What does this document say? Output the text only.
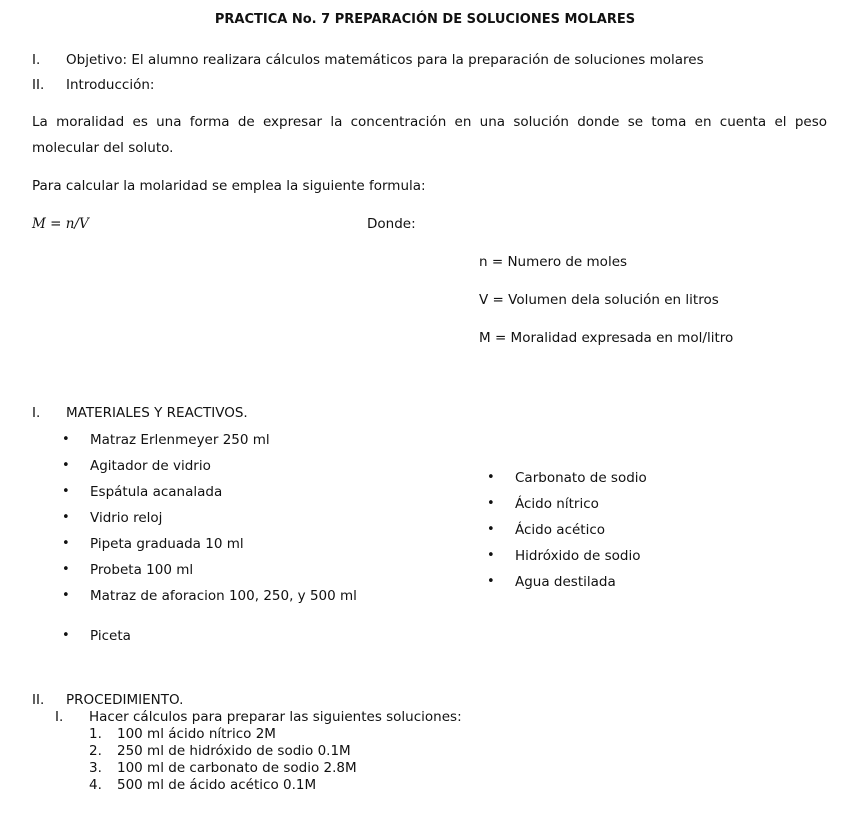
PRACTICA No. 7 PREPARACIÓN DE SOLUCIONES MOLARES
I.	Objetivo: El alumno realizara cálculos matemáticos para la preparación de soluciones molares
II.	Introducción:
La moralidad es una forma de expresar la concentración en una solución donde se toma en cuenta el peso
molecular del soluto.
Para calcular la molaridad se emplea la siguiente formula:
M = n/V	Donde:
n = Numero de moles
V = Volumen dela solución en litros
M = Moralidad expresada en mol/litro
I.	MATERIALES Y REACTIVOS.
• Matraz Erlenmeyer 250 ml
• Agitador de vidrio
• Espátula acanalada
• Vidrio reloj
• Pipeta graduada 10 ml
• Probeta 100 ml
• Matraz de aforacion 100, 250, y 500 ml
• Piceta
• Carbonato de sodio
• Ácido nítrico
• Ácido acético
• Hidróxido de sodio
• Agua destilada
II.	PROCEDIMIENTO.
I. Hacer cálculos para preparar las siguientes soluciones:
1.	100 ml ácido nítrico 2M
2.	250 ml de hidróxido de sodio 0.1M
3.	100 ml de carbonato de sodio 2.8M
4.	500 ml de ácido acético 0.1M
